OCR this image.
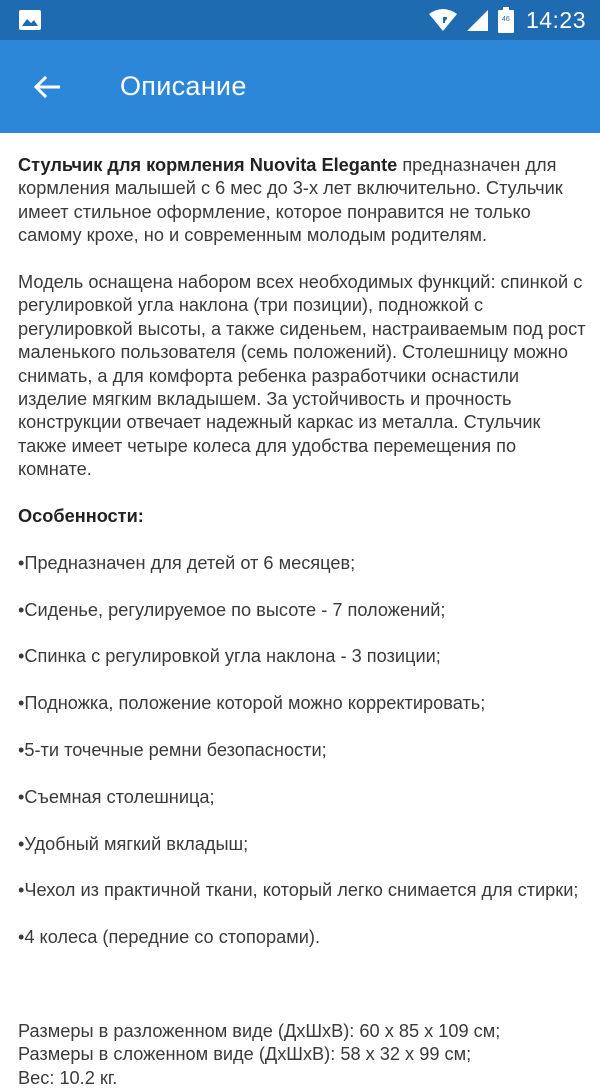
46 14:23
Описание

Стульчик для кормления Nuovita Elegante предназначен для кормления малышей с 6 мес до 3-х лет включительно. Стульчик имеет стильное оформление, которое понравится не только самому крохе, но и современным молодым родителям.

Модель оснащена набором всех необходимых функций: спинкой с регулировкой угла наклона (три позиции), подножкой с регулировкой высоты, а также сиденьем, настраиваемым под рост маленького пользователя (семь положений). Столешницу можно снимать, а для комфорта ребенка разработчики оснастили изделие мягким вкладышем. За устойчивость и прочность конструкции отвечает надежный каркас из металла. Стульчик также имеет четыре колеса для удобства перемещения по комнате.

Особенности:

•Предназначен для детей от 6 месяцев;

•Сиденье, регулируемое по высоте - 7 положений;

•Спинка с регулировкой угла наклона - 3 позиции;

•Подножка, положение которой можно корректировать;

•5-ти точечные ремни безопасности;

•Съемная столешница;

•Удобный мягкий вкладыш;

•Чехол из практичной ткани, который легко снимается для стирки;

•4 колеса (передние со стопорами).

Размеры в разложенном виде (ДхШхВ): 60 х 85 х 109 см;

Размеры в сложенном виде (ДхШхВ): 58 х 32 х 99 см;

Вес: 10.2 кг.
